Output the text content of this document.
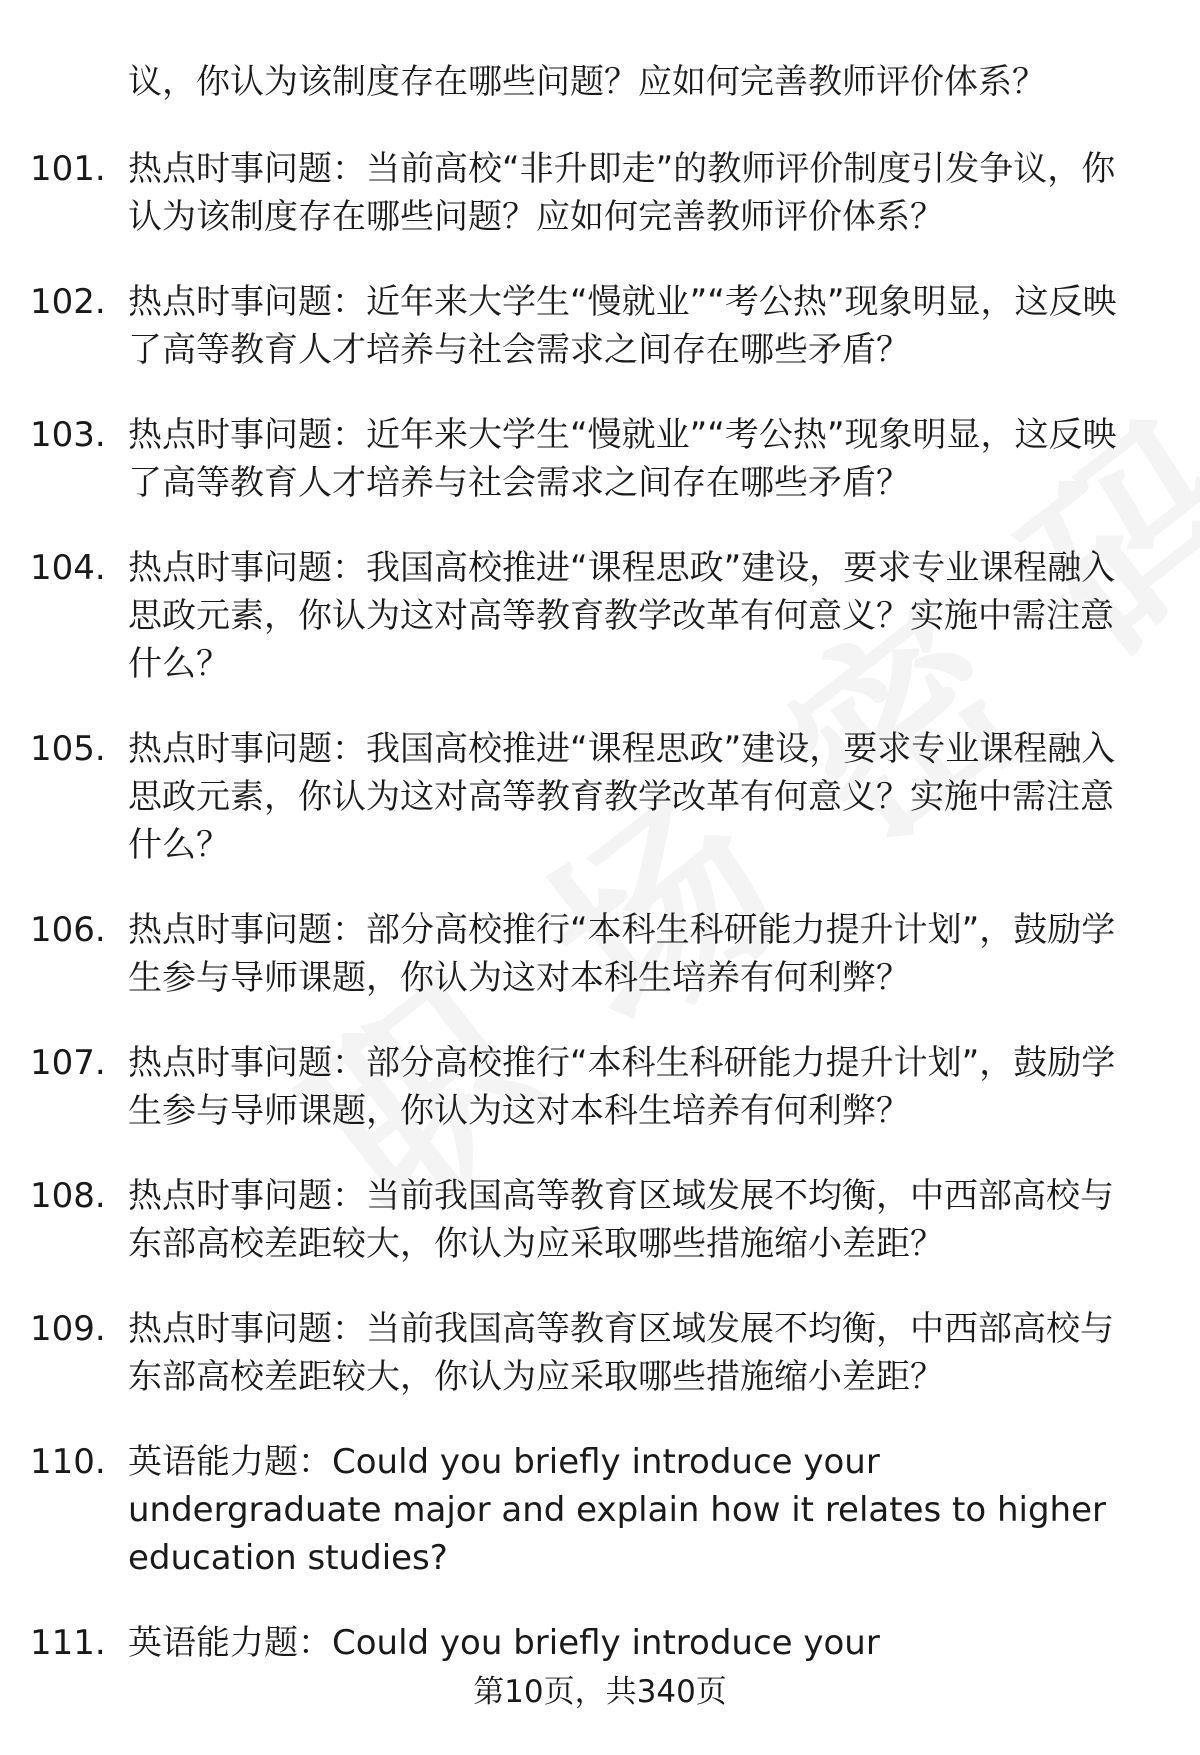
议，你认为该制度存在哪些问题？应如何完善教师评价体系？
101. 热点时事问题：当前高校“非升即走”的教师评价制度引发争议，你认为该制度存在哪些问题？应如何完善教师评价体系？
102. 热点时事问题：近年来大学生“慢就业”“考公热”现象明显，这反映了高等教育人才培养与社会需求之间存在哪些矛盾？
103. 热点时事问题：近年来大学生“慢就业”“考公热”现象明显，这反映了高等教育人才培养与社会需求之间存在哪些矛盾？
104. 热点时事问题：我国高校推进“课程思政”建设，要求专业课程融入思政元素，你认为这对高等教育教学改革有何意义？实施中需注意什么？
105. 热点时事问题：我国高校推进“课程思政”建设，要求专业课程融入思政元素，你认为这对高等教育教学改革有何意义？实施中需注意什么？
106. 热点时事问题：部分高校推行“本科生科研能力提升计划”，鼓励学生参与导师课题，你认为这对本科生培养有何利弊？
107. 热点时事问题：部分高校推行“本科生科研能力提升计划”，鼓励学生参与导师课题，你认为这对本科生培养有何利弊？
108. 热点时事问题：当前我国高等教育区域发展不均衡，中西部高校与东部高校差距较大，你认为应采取哪些措施缩小差距？
109. 热点时事问题：当前我国高等教育区域发展不均衡，中西部高校与东部高校差距较大，你认为应采取哪些措施缩小差距？
110. 英语能力题：Could you briefly introduce your undergraduate major and explain how it relates to higher education studies?
111. 英语能力题：Could you briefly introduce your
第10页，共340页
